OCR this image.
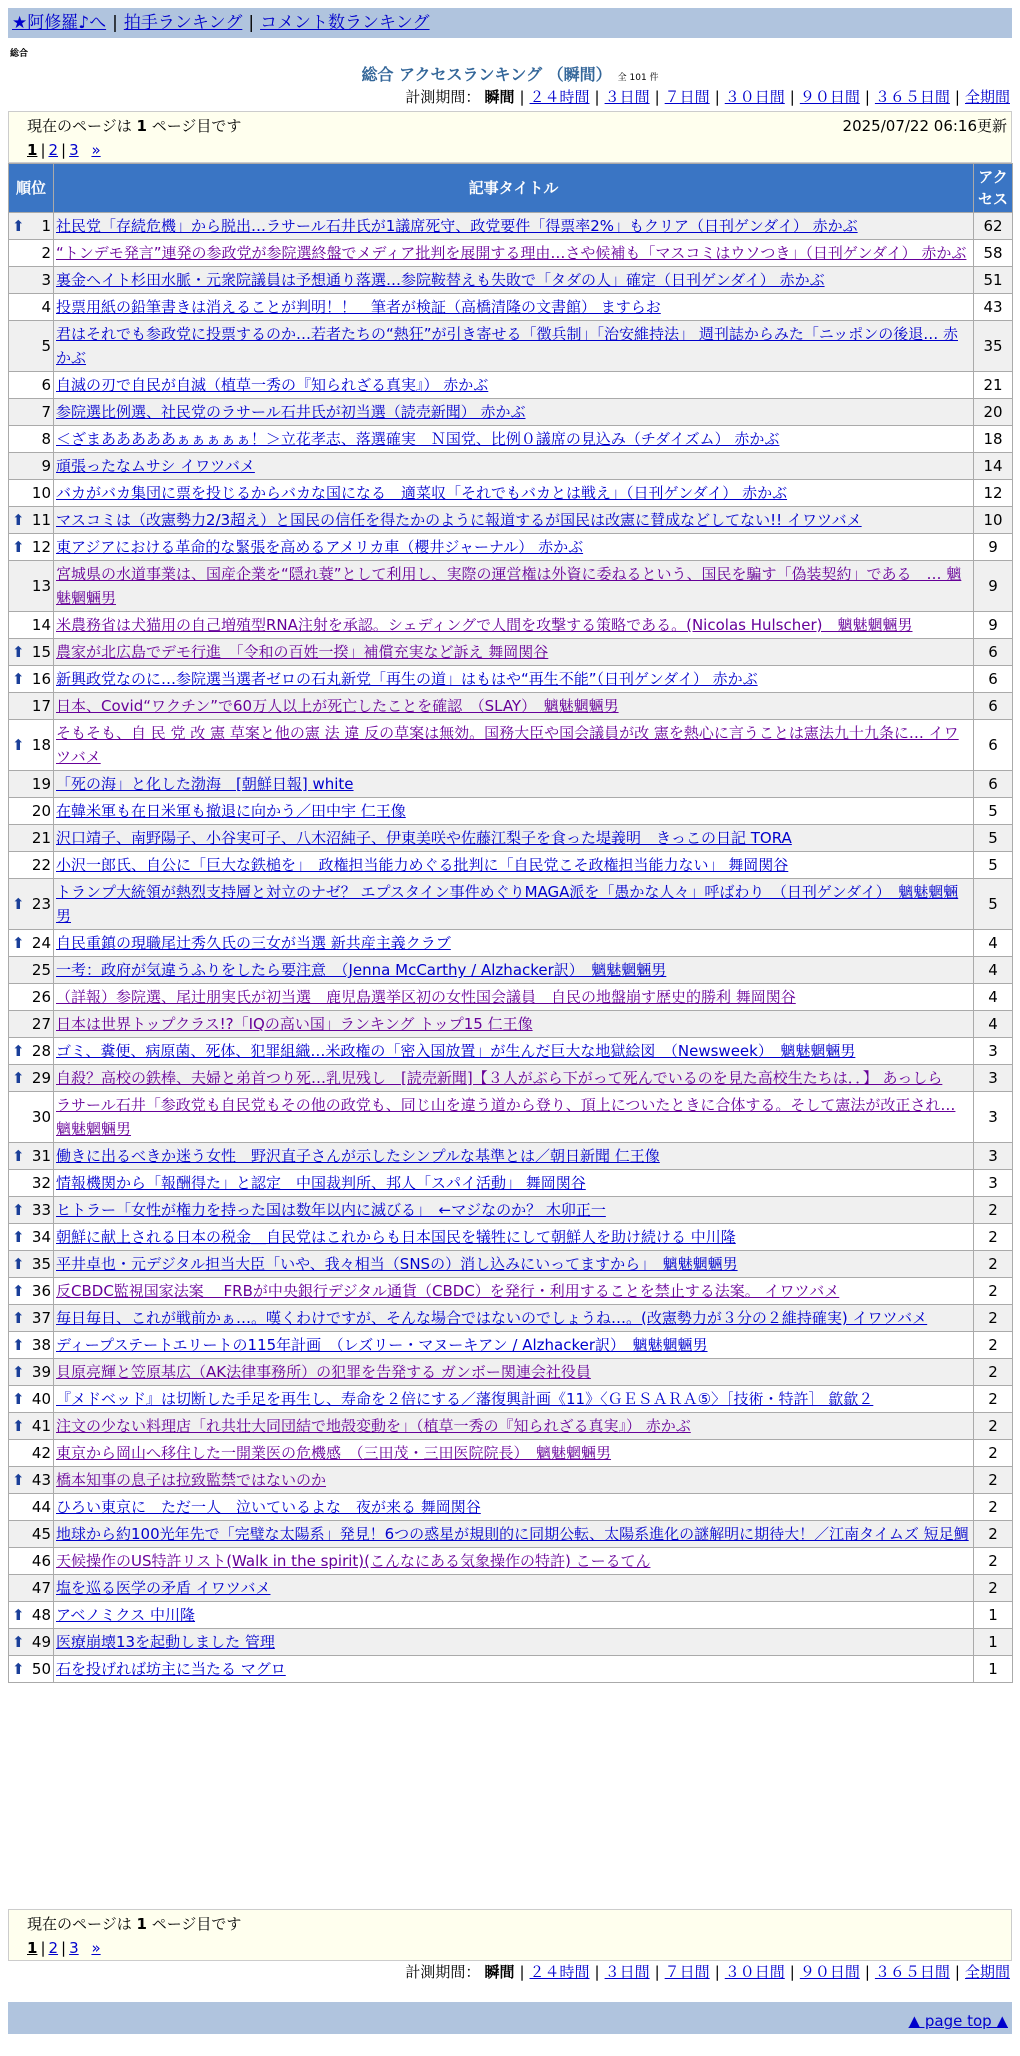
★阿修羅♪へ | 拍手ランキング | コメント数ランキング
総合
総合 アクセスランキング （瞬間） 全 101 件
計測期間： 瞬間 | ２４時間 | ３日間 | ７日間 | ３０日間 | ９０日間 | ３６５日間 | 全期間
現在のページは 1 ページ目です	2025/07/22 06:16更新
1 | 2 | 3 »
順位	記事タイトル	アクセス

⬆ 1	社民党「存続危機」から脱出…ラサール石井氏が1議席死守、政党要件「得票率2%」もクリア（日刊ゲンダイ） 赤かぶ	62
2	“トンデモ発言”連発の参政党が参院選終盤でメディア批判を展開する理由…さや候補も「マスコミはウソつき」（日刊ゲンダイ） 赤かぶ	58
3	裏金ヘイト杉田水脈・元衆院議員は予想通り落選…参院鞍替えも失敗で「タダの人」確定（日刊ゲンダイ） 赤かぶ	51
4	投票用紙の鉛筆書きは消えることが判明！！　筆者が検証（高橋清隆の文書館） ますらお	43
5	君はそれでも参政党に投票するのか…若者たちの“熱狂”が引き寄せる「徴兵制」「治安維持法」 週刊誌からみた「ニッポンの後退… 赤かぶ	35
6	自滅の刃で自民が自滅（植草一秀の『知られざる真実』） 赤かぶ	21
7	参院選比例選、社民党のラサール石井氏が初当選（読売新聞） 赤かぶ	20
8	＜ざまあああああぁぁぁぁぁ！＞立花孝志、落選確実　Ｎ国党、比例０議席の見込み（チダイズム） 赤かぶ	18
9	頑張ったなムサシ イワツバメ	14
10	バカがバカ集団に票を投じるからバカな国になる　適菜収「それでもバカとは戦え」（日刊ゲンダイ） 赤かぶ	12

⬆ 11	マスコミは（改憲勢力2/3超え）と国民の信任を得たかのように報道するが国民は改憲に賛成などしてない!! イワツバメ	10

⬆ 12	東アジアにおける革命的な緊張を高めるアメリカ車（櫻井ジャーナル） 赤かぶ	9
13	宮城県の水道事業は、国産企業を“隠れ蓑”として利用し、実際の運営権は外資に委ねるという、国民を騙す「偽装契約」である　… 魑魅魍魎男	9
14	米農務省は犬猫用の自己増殖型RNA注射を承認。シェディングで人間を攻撃する策略である。(Nicolas Hulscher)　魑魅魍魎男	9

⬆ 15	農家が北広島でデモ行進　「令和の百姓一揆」補償充実など訴え 舞岡関谷	6

⬆ 16	新興政党なのに…参院選当選者ゼロの石丸新党「再生の道」はもはや“再生不能”（日刊ゲンダイ） 赤かぶ	6
17	日本、Covid“ワクチン”で60万人以上が死亡したことを確認　（SLAY）　魑魅魍魎男	6

⬆ 18	そもそも、自 民 党 改 憲 草案と他の憲 法 違 反の草案は無効。国務大臣や国会議員が改 憲を熱心に言うことは憲法九十九条に… イワツバメ	6
19	「死の海」と化した渤海　[朝鮮日報] white	6
20	在韓米軍も在日米軍も撤退に向かう／田中宇 仁王像	5
21	沢口靖子、南野陽子、小谷実可子、八木沼純子、伊東美咲や佐藤江梨子を食った堤義明　きっこの日記 TORA	5
22	小沢一郎氏、自公に「巨大な鉄槌を」　政権担当能力めぐる批判に「自民党こそ政権担当能力ない」 舞岡関谷	5

⬆ 23	トランプ大統領が熱烈支持層と対立のナゼ？ エプスタイン事件めぐりMAGA派を「愚かな人々」呼ばわり　（日刊ゲンダイ）　魑魅魍魎男	5

⬆ 24	自民重鎮の現職尾辻秀久氏の三女が当選 新共産主義クラブ	4
25	一考：政府が気違うふりをしたら要注意　（Jenna McCarthy / Alzhacker訳）　魑魅魍魎男	4
26	（詳報）参院選、尾辻朋実氏が初当選　鹿児島選挙区初の女性国会議員　自民の地盤崩す歴史的勝利 舞岡関谷	4
27	日本は世界トップクラス!?「IQの高い国」ランキング トップ15 仁王像	4

⬆ 28	ゴミ、糞便、病原菌、死体、犯罪組織…米政権の「密入国放置」が生んだ巨大な地獄絵図　（Newsweek）　魑魅魍魎男	3

⬆ 29	自殺？高校の鉄棒、夫婦と弟首つり死…乳児残し　[読売新聞]【３人がぶら下がって死んでいるのを見た高校生たちは．．】 あっしら	3
30	ラサール石井「参政党も自民党もその他の政党も、同じ山を違う道から登り、頂上についたときに合体する。そして憲法が改正され… 魑魅魍魎男	3

⬆ 31	働きに出るべきか迷う女性　野沢直子さんが示したシンプルな基準とは／朝日新聞 仁王像	3
32	情報機関から「報酬得た」と認定　中国裁判所、邦人「スパイ活動」 舞岡関谷	3

⬆ 33	ヒトラー「女性が権力を持った国は数年以内に滅びる」　←マジなのか？ 木卯正一	2

⬆ 34	朝鮮に献上される日本の税金＿自民党はこれからも日本国民を犠牲にして朝鮮人を助け続ける 中川隆	2

⬆ 35	平井卓也・元デジタル担当大臣「いや、我々相当（SNSの）消し込みにいってますから」　魑魅魍魎男	2

⬆ 36	反CBDC監視国家法案　 FRBが中央銀行デジタル通貨（CBDC）を発行・利用することを禁止する法案。 イワツバメ	2

⬆ 37	毎日毎日、これが戦前かぁ…。嘆くわけですが、そんな場合ではないのでしょうね…。(改憲勢力が３分の２維持確実) イワツバメ	2

⬆ 38	ディープステートエリートの115年計画　（レズリー・マヌーキアン / Alzhacker訳）　魑魅魍魎男	2

⬆ 39	貝原亮輝と笠原基広（AK法律事務所）の犯罪を告発する ガンボー関連会社役員	2

⬆ 40	『メドベッド』は切断した手足を再生し、寿命を２倍にする／藩復興計画《11》〈ＧＥＳＡＲＡ⑤〉［技術・特許］ 歙歙２	2

⬆ 41	注文の少ない料理店「れ共壮大同団結で地殻変動を」（植草一秀の『知られざる真実』） 赤かぶ	2
42	東京から岡山へ移住した一開業医の危機感　（三田茂・三田医院院長）　魑魅魍魎男	2

⬆ 43	橋本知事の息子は拉致監禁ではないのか	2
44	ひろい東京に　ただ一人　泣いているよな　夜が来る 舞岡関谷	2
45	地球から約100光年先で「完璧な太陽系」発見！6つの惑星が規則的に同期公転、太陽系進化の謎解明に期待大！／江南タイムズ 短足鯛	2
46	天候操作のUS特許リスト(Walk in the spirit)(こんなにある気象操作の特許) こーるてん	2
47	塩を巡る医学の矛盾 イワツバメ	2

⬆ 48	アベノミクス 中川隆	1

⬆ 49	医療崩壊13を起動しました 管理	1

⬆ 50	石を投げれば坊主に当たる マグロ	1
現在のページは 1 ページ目です
1 | 2 | 3 »
計測期間： 瞬間 | ２４時間 | ３日間 | ７日間 | ３０日間 | ９０日間 | ３６５日間 | 全期間
▲ page top ▲
